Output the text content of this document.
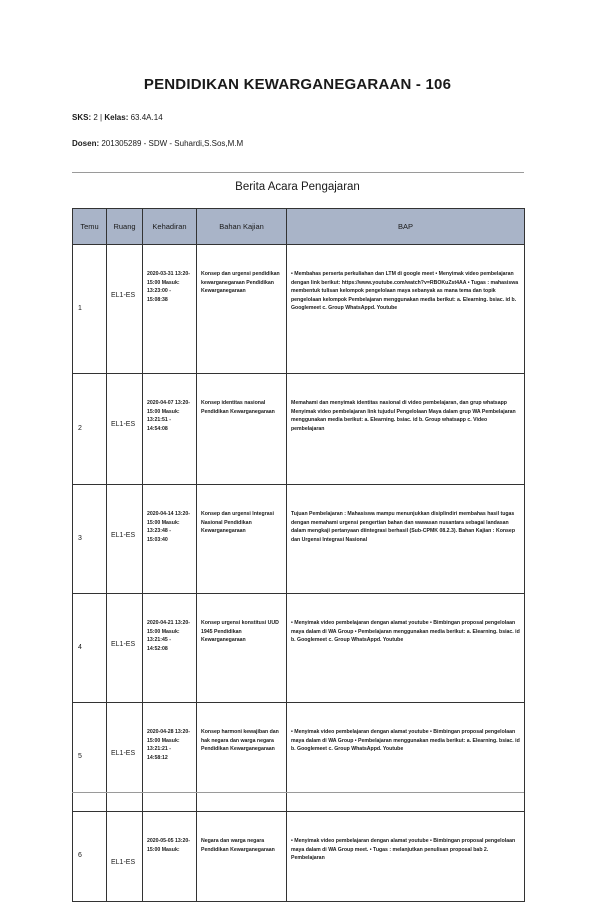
PENDIDIKAN KEWARGANEGARAAN - 106
SKS: 2 | Kelas: 63.4A.14
Dosen: 201305289 - SDW - Suhardi,S.Sos,M.M
Berita Acara Pengajaran
Temu	Ruang	Kehadiran	Bahan Kajian	BAP
1	EL1-ES	2020-03-31 13:20-15:00 Masuk: 13:23:00 - 15:08:38	Konsep dan urgensi pendidikan kewarganegaraan Pendidikan Kewarganegaraan	• Membahas perserta perkuliahan dan LTM di google meet • Menyimak video pembelajaran dengan link berikut: https://www.youtube.com/watch?v=RBOKuZst4AA • Tugas : mahasiswa membentuk tulisan kelompok pengelolaan maya sebanyak as mana tema dan topik pengelolaan kelompok Pembelajaran menggunakan media berikut: a. Elearning. bsiac. id b. Googlemeet c. Group WhatsAppd. Youtube
2	EL1-ES	2020-04-07 13:20-15:00 Masuk: 13:21:51 - 14:54:08	Konsep identitas nasional Pendidikan Kewarganegaraan	Memahami dan menyimak identitas nasional di video pembelajaran, dan grup whatsapp Menyimak video pembelajaran link tujudul Pengelolaan Maya dalam grup WA Pembelajaran menggunakan media berikut: a. Elearning. bsiac. id b. Group whatsapp c. Video pembelajaran
3	EL1-ES	2020-04-14 13:20-15:00 Masuk: 13:23:48 - 15:03:40	Konsep dan urgensi Integrasi Nasional Pendidikan Kewarganegaraan	Tujuan Pembelajaran : Mahasiswa mampu menunjukkan disiplindiri membahas hasil tugas dengan memahami urgensi pengertian bahan dan wawasan nusantara sebagai landasan dalam mengkaji pertanyaan diintegrasi berhasil (Sub-CPMK 08.2.3). Bahan Kajian : Konsep dan Urgensi Integrasi Nasional
4	EL1-ES	2020-04-21 13:20-15:00 Masuk: 13:21:45 - 14:52:08	Konsep urgensi konstitusi UUD 1945 Pendidikan Kewarganegaraan	• Menyimak video pembelajaran dengan alamat youtube • Bimbingan proposal pengelolaan maya dalam di WA Group • Pembelajaran menggunakan media berikut: a. Elearning. bsiac. id b. Googlemeet c. Group WhatsAppd. Youtube
5	EL1-ES	2020-04-28 13:20-15:00 Masuk: 13:21:21 - 14:58:12	Konsep harmoni kewajiban dan hak negara dan warga negara Pendidikan Kewarganegaraan	• Menyimak video pembelajaran dengan alamat youtube • Bimbingan proposal pengelolaan maya dalam di WA Group • Pembelajaran menggunakan media berikut: a. Elearning. bsiac. id b. Googlemeet c. Group WhatsAppd. Youtube
6	EL1-ES	2020-05-05 13:20-15:00 Masuk:	Negara dan warga negara Pendidikan Kewarganegaraan	• Menyimak video pembelajaran dengan alamat youtube • Bimbingan proposal pengelolaan maya dalam di WA Group meet. • Tugas : melanjutkan penulisan proposal bab 2. Pembelajaran
